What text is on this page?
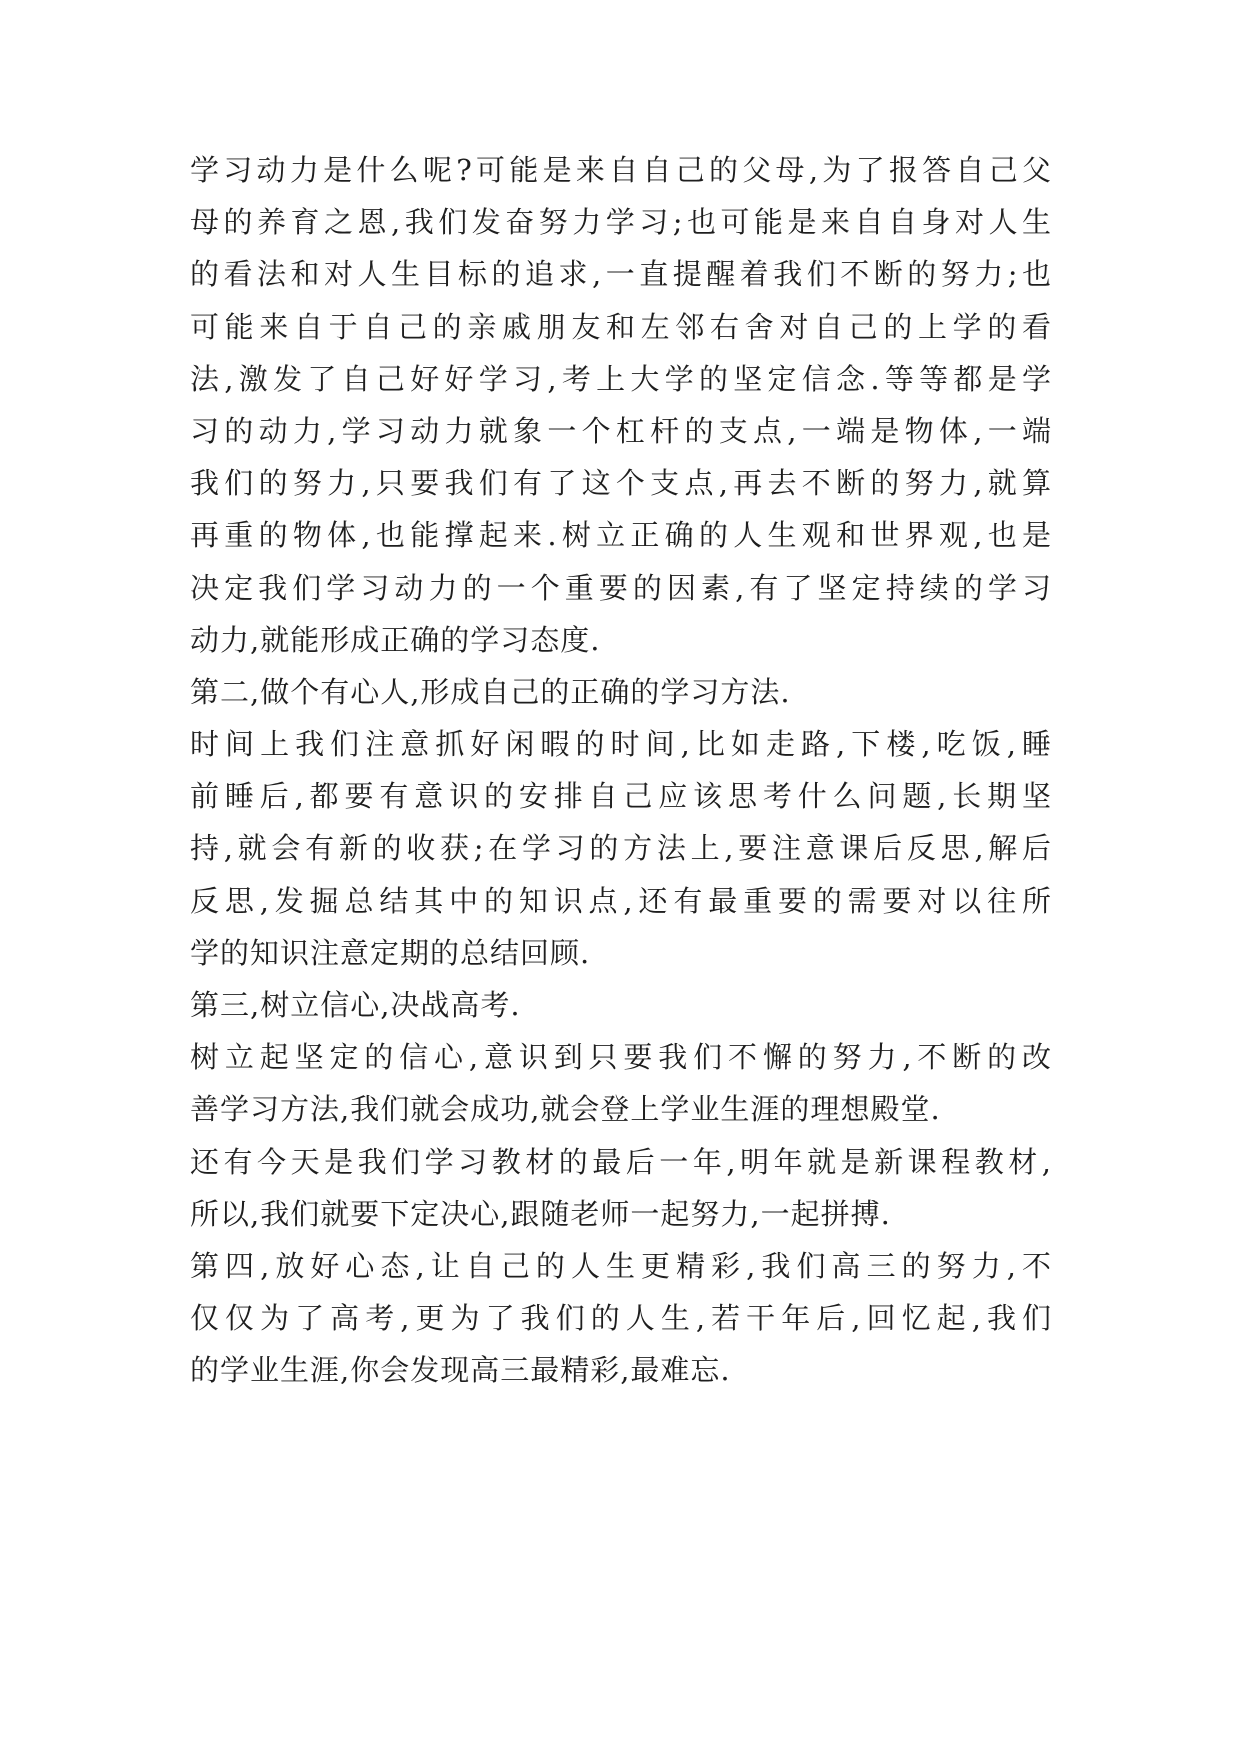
学习动力是什么呢?可能是来自自己的父母,为了报答自己父
母的养育之恩,我们发奋努力学习;也可能是来自自身对人生
的看法和对人生目标的追求,一直提醒着我们不断的努力;也
可能来自于自己的亲戚朋友和左邻右舍对自己的上学的看
法,激发了自己好好学习,考上大学的坚定信念.等等都是学
习的动力,学习动力就象一个杠杆的支点,一端是物体,一端
我们的努力,只要我们有了这个支点,再去不断的努力,就算
再重的物体,也能撑起来.树立正确的人生观和世界观,也是
决定我们学习动力的一个重要的因素,有了坚定持续的学习
动力,就能形成正确的学习态度.
第二,做个有心人,形成自己的正确的学习方法.
时间上我们注意抓好闲暇的时间,比如走路,下楼,吃饭,睡
前睡后,都要有意识的安排自己应该思考什么问题,长期坚
持,就会有新的收获;在学习的方法上,要注意课后反思,解后
反思,发掘总结其中的知识点,还有最重要的需要对以往所
学的知识注意定期的总结回顾.
第三,树立信心,决战高考.
树立起坚定的信心,意识到只要我们不懈的努力,不断的改
善学习方法,我们就会成功,就会登上学业生涯的理想殿堂.
还有今天是我们学习教材的最后一年,明年就是新课程教材,
所以,我们就要下定决心,跟随老师一起努力,一起拼搏.
第四,放好心态,让自己的人生更精彩,我们高三的努力,不
仅仅为了高考,更为了我们的人生,若干年后,回忆起,我们
的学业生涯,你会发现高三最精彩,最难忘.
